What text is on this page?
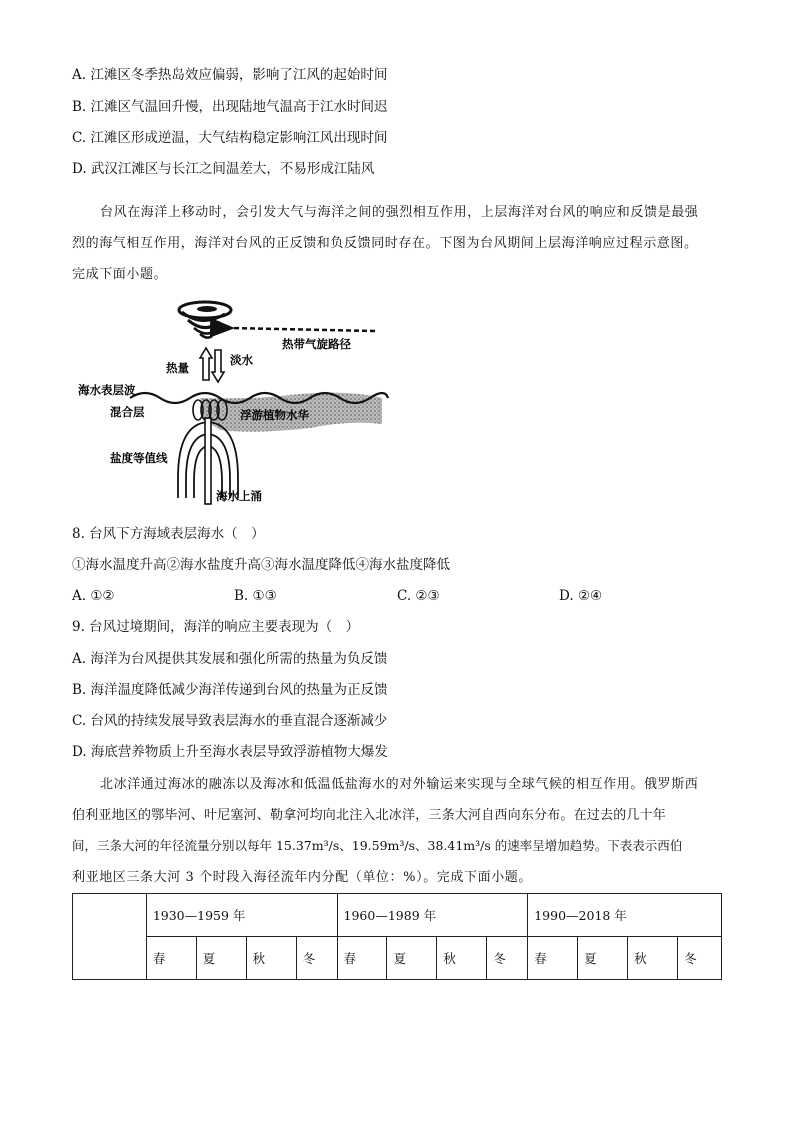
A. 江滩区冬季热岛效应偏弱，影响了江风的起始时间
B. 江滩区气温回升慢，出现陆地气温高于江水时间迟
C. 江滩区形成逆温，大气结构稳定影响江风出现时间
D. 武汉江滩区与长江之间温差大，不易形成江陆风
台风在海洋上移动时，会引发大气与海洋之间的强烈相互作用，上层海洋对台风的响应和反馈是最强
烈的海气相互作用，海洋对台风的正反馈和负反馈同时存在。下图为台风期间上层海洋响应过程示意图。
完成下面小题。
热带气旋路径
热量
淡水
海水表层波
混合层	浮游植物水华
盐度等值线
海水上涌
8. 台风下方海域表层海水（　）
①海水温度升高②海水盐度升高③海水温度降低④海水盐度降低
A. ①②	B. ①③	C. ②③	D. ②④
9. 台风过境期间，海洋的响应主要表现为（　）
A. 海洋为台风提供其发展和强化所需的热量为负反馈
B. 海洋温度降低减少海洋传递到台风的热量为正反馈
C. 台风的持续发展导致表层海水的垂直混合逐渐减少
D. 海底营养物质上升至海水表层导致浮游植物大爆发
北冰洋通过海冰的融冻以及海冰和低温低盐海水的对外输运来实现与全球气候的相互作用。俄罗斯西
伯利亚地区的鄂毕河、叶尼塞河、勒拿河均向北注入北冰洋，三条大河自西向东分布。在过去的几十年
间，三条大河的年径流量分别以每年 15.37m³/s、19.59m³/s、38.41m³/s 的速率呈增加趋势。下表表示西伯
利亚地区三条大河 3 个时段入海径流年内分配（单位：%）。完成下面小题。
	1930—1959 年				1960—1989 年				1990—2018 年			
	春	夏	秋	冬	春	夏	秋	冬	春	夏	秋	冬
